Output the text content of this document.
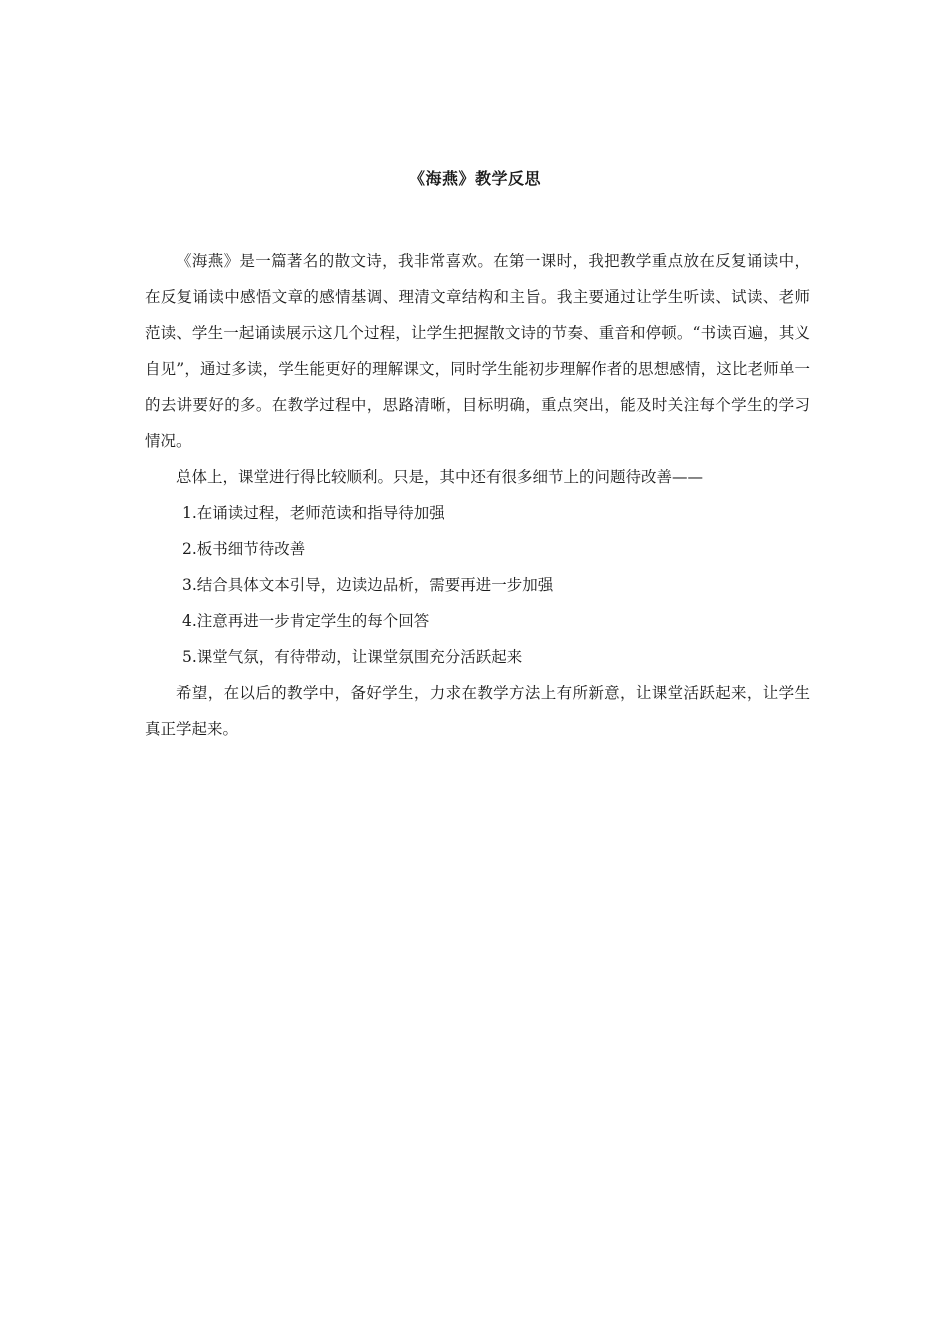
《海燕》教学反思

《海燕》是一篇著名的散文诗，我非常喜欢。在第一课时，我把教学重点放在反复诵读中，在反复诵读中感悟文章的感情基调、理清文章结构和主旨。我主要通过让学生听读、试读、老师范读、学生一起诵读展示这几个过程，让学生把握散文诗的节奏、重音和停顿。“书读百遍，其义自见”，通过多读，学生能更好的理解课文，同时学生能初步理解作者的思想感情，这比老师单一的去讲要好的多。在教学过程中，思路清晰，目标明确，重点突出，能及时关注每个学生的学习情况。

总体上，课堂进行得比较顺利。只是，其中还有很多细节上的问题待改善——

1.在诵读过程，老师范读和指导待加强

2.板书细节待改善

3.结合具体文本引导，边读边品析，需要再进一步加强

4.注意再进一步肯定学生的每个回答

5.课堂气氛，有待带动，让课堂氛围充分活跃起来

希望，在以后的教学中，备好学生，力求在教学方法上有所新意，让课堂活跃起来，让学生真正学起来。
